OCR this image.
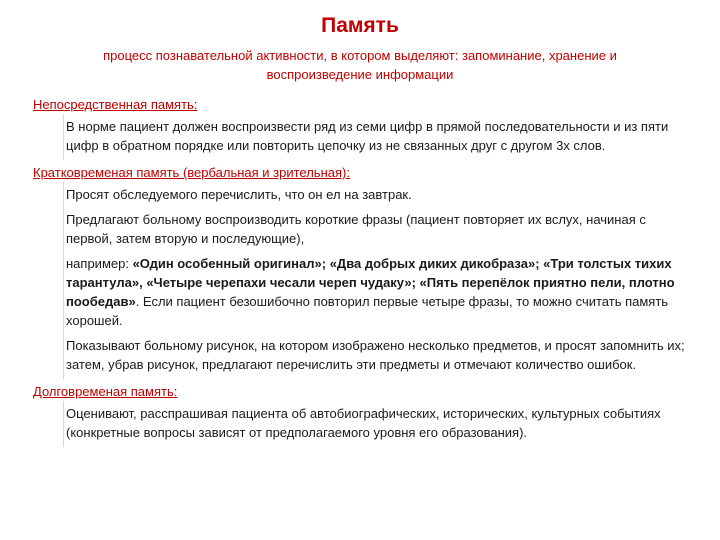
Память
процесс познавательной активности, в котором выделяют: запоминание, хранение и воспроизведение информации

Непосредственная память:

В норме пациент должен воспроизвести ряд из семи цифр в прямой последовательности и из пяти цифр в обратном порядке или повторить цепочку из не связанных друг с другом 3х слов.

Кратковременая память (вербальная и зрительная):

Просят обследуемого перечислить, что он ел на завтрак.

Предлагают больному воспроизводить короткие фразы (пациент повторяет их вслух, начиная с первой, затем вторую и последующие),

например: «Один особенный оригинал»; «Два добрых диких дикобраза»; «Три толстых тихих тарантула», «Четыре черепахи чесали череп чудаку»; «Пять перепёлок приятно пели, плотно пообедав». Если пациент безошибочно повторил первые четыре фразы, то можно считать память хорошей.

Показывают больному рисунок, на котором изображено несколько предметов, и просят запомнить их; затем, убрав рисунок, предлагают перечислить эти предметы и отмечают количество ошибок.

Долговременая память:

Оценивают, расспрашивая пациента об автобиографических, исторических, культурных событиях (конкретные вопросы зависят от предполагаемого уровня его образования).
